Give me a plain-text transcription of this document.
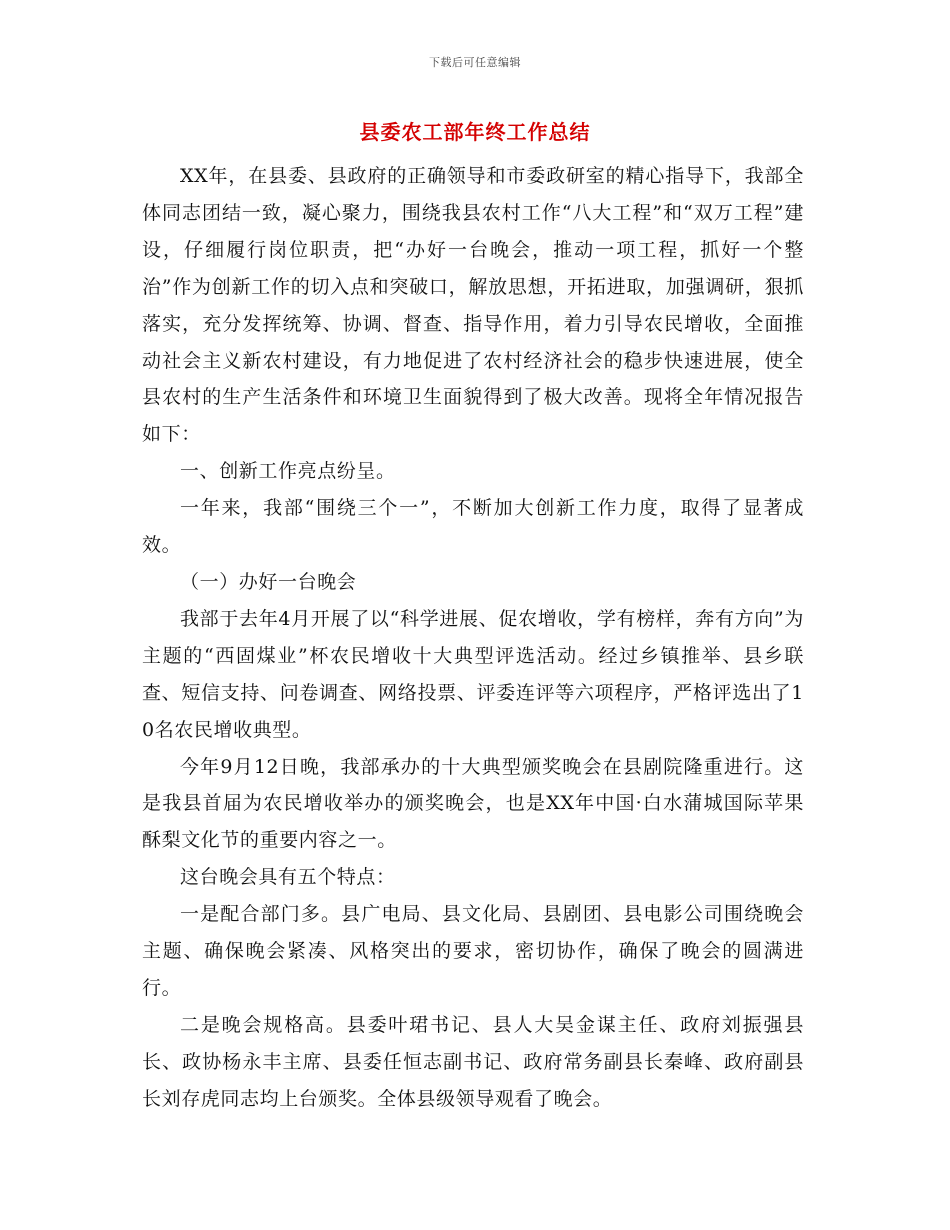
下载后可任意编辑
县委农工部年终工作总结

XX年，在县委、县政府的正确领导和市委政研室的精心指导下，我部全体同志团结一致，凝心聚力，围绕我县农村工作“八大工程”和“双万工程”建设，仔细履行岗位职责，把“办好一台晚会，推动一项工程，抓好一个整治”作为创新工作的切入点和突破口，解放思想，开拓进取，加强调研，狠抓落实，充分发挥统筹、协调、督查、指导作用，着力引导农民增收，全面推动社会主义新农村建设，有力地促进了农村经济社会的稳步快速进展，使全县农村的生产生活条件和环境卫生面貌得到了极大改善。现将全年情况报告如下：

一、创新工作亮点纷呈。

一年来，我部“围绕三个一”，不断加大创新工作力度，取得了显著成效。

（一）办好一台晚会

我部于去年4月开展了以“科学进展、促农增收，学有榜样，奔有方向”为主题的“西固煤业”杯农民增收十大典型评选活动。经过乡镇推举、县乡联查、短信支持、问卷调查、网络投票、评委连评等六项程序，严格评选出了10名农民增收典型。

今年9月12日晚，我部承办的十大典型颁奖晚会在县剧院隆重进行。这是我县首届为农民增收举办的颁奖晚会，也是XX年中国·白水蒲城国际苹果酥梨文化节的重要内容之一。

这台晚会具有五个特点：

一是配合部门多。县广电局、县文化局、县剧团、县电影公司围绕晚会主题、确保晚会紧凑、风格突出的要求，密切协作，确保了晚会的圆满进行。

二是晚会规格高。县委叶珺书记、县人大吴金谋主任、政府刘振强县长、政协杨永丰主席、县委任恒志副书记、政府常务副县长秦峰、政府副县长刘存虎同志均上台颁奖。全体县级领导观看了晚会。
